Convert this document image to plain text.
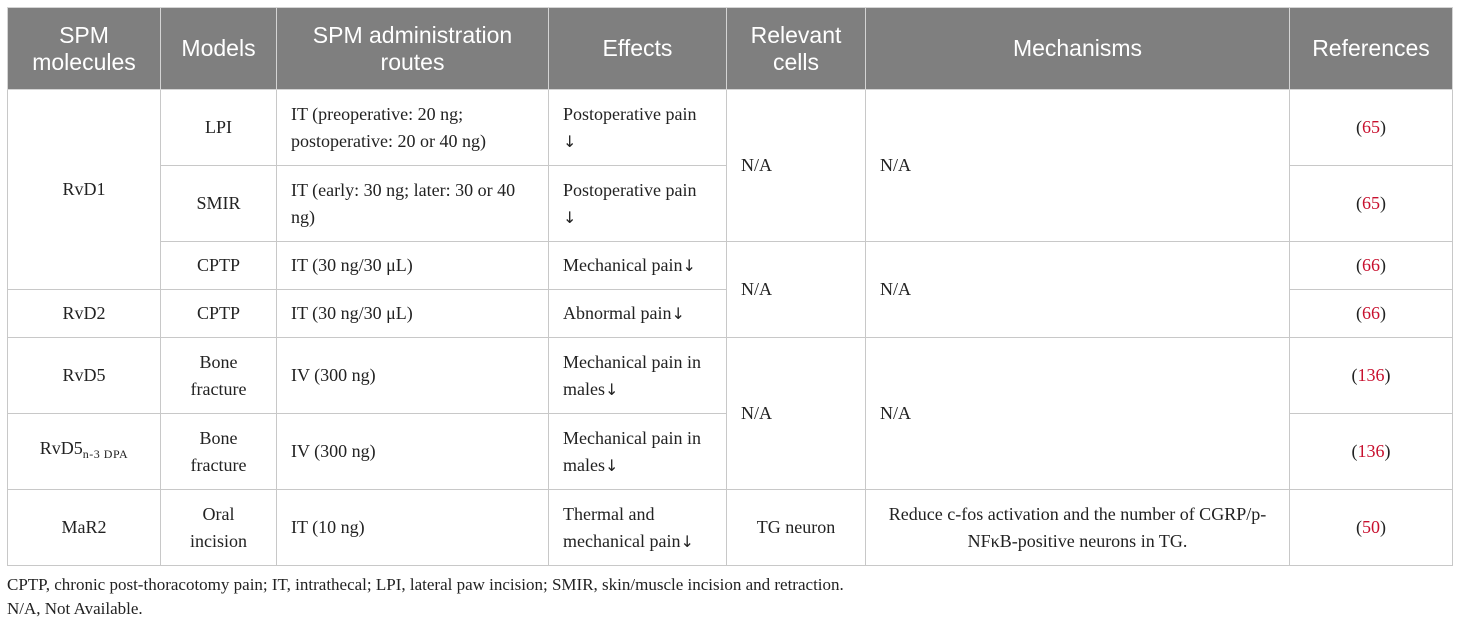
SPM molecules	Models	SPM administration routes	Effects	Relevant cells	Mechanisms	References
RvD1	LPI	IT (preoperative: 20 ng; postoperative: 20 or 40 ng)	Postoperative pain ↓	N/A	N/A	(65)
	SMIR	IT (early: 30 ng; later: 30 or 40 ng)	Postoperative pain ↓			(65)
	CPTP	IT (30 ng/30 μL)	Mechanical pain↓	N/A	N/A	(66)
RvD2	CPTP	IT (30 ng/30 μL)	Abnormal pain↓			(66)
RvD5	Bone fracture	IV (300 ng)	Mechanical pain in males↓	N/A	N/A	(136)
$RvD5_{n-3 DPA}$	Bone fracture	IV (300 ng)	Mechanical pain in males↓			(136)
MaR2	Oral incision	IT (10 ng)	Thermal and mechanical pain↓	TG neuron	Reduce c-fos activation and the number of CGRP/p-NFκB-positive neurons in TG.	(50)
CPTP, chronic post-thoracotomy pain; IT, intrathecal; LPI, lateral paw incision; SMIR, skin/muscle incision and retraction.
N/A, Not Available.
